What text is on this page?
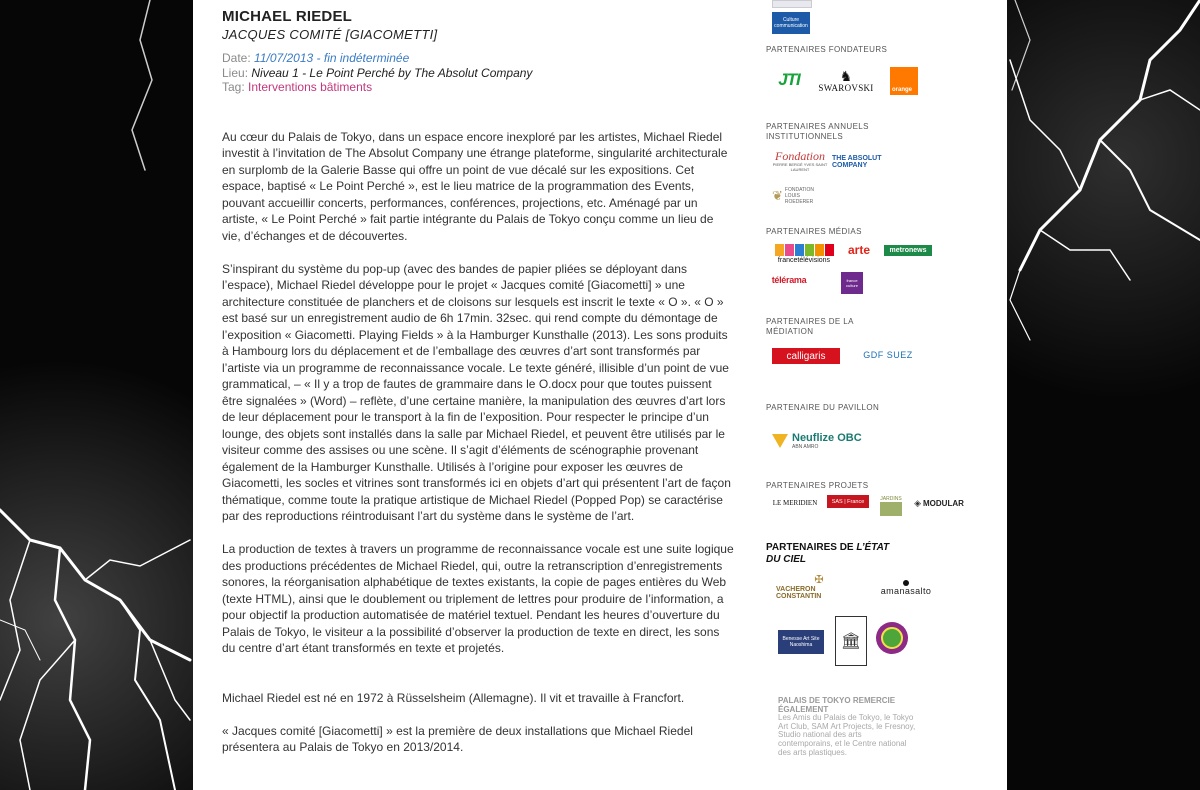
MICHAEL RIEDEL
JACQUES COMITÉ [GIACOMETTI]
Date: 11/07/2013 - fin indéterminée
Lieu: Niveau 1 - Le Point Perché by The Absolut Company
Tag: Interventions bâtiments

Au cœur du Palais de Tokyo, dans un espace encore inexploré par les artistes, Michael Riedel investit à l’invitation de The Absolut Company une étrange plateforme, singularité architecturale en surplomb de la Galerie Basse qui offre un point de vue décalé sur les expositions. Cet espace, baptisé « Le Point Perché », est le lieu matrice de la programmation des Events, pouvant accueillir concerts, performances, conférences, projections, etc. Aménagé par un artiste, « Le Point Perché » fait partie intégrante du Palais de Tokyo conçu comme un lieu de vie, d’échanges et de découvertes.

S’inspirant du système du pop-up (avec des bandes de papier pliées se déployant dans l’espace), Michael Riedel développe pour le projet « Jacques comité [Giacometti] » une architecture constituée de planchers et de cloisons sur lesquels est inscrit le texte « O ». « O » est basé sur un enregistrement audio de 6h 17min. 32sec. qui rend compte du démontage de l’exposition « Giacometti. Playing Fields » à la Hamburger Kunsthalle (2013). Les sons produits à Hambourg lors du déplacement et de l’emballage des œuvres d’art sont transformés par l’artiste via un programme de reconnaissance vocale. Le texte généré, illisible d’un point de vue grammatical, – « Il y a trop de fautes de grammaire dans le O.docx pour que toutes puissent être signalées » (Word) – reflète, d’une certaine manière, la manipulation des œuvres d’art lors de leur déplacement pour le transport à la fin de l’exposition. Pour respecter le principe d’un lounge, des objets sont installés dans la salle par Michael Riedel, et peuvent être utilisés par le visiteur comme des assises ou une scène. Il s’agit d’éléments de scénographie provenant également de la Hamburger Kunsthalle. Utilisés à l’origine pour exposer les œuvres de Giacometti, les socles et vitrines sont transformés ici en objets d’art qui présentent l’art de façon thématique, comme toute la pratique artistique de Michael Riedel (Popped Pop) se caractérise par des reproductions réintroduisant l’art du système dans le système de l’art.

La production de textes à travers un programme de reconnaissance vocale est une suite logique des productions précédentes de Michael Riedel, qui, outre la retranscription d’enregistrements sonores, la réorganisation alphabétique de textes existants, la copie de pages entières du Web (texte HTML), ainsi que le doublement ou triplement de lettres pour produire de l’information, a pour objectif la production automatisée de matériel textuel. Pendant les heures d’ouverture du Palais de Tokyo, le visiteur a la possibilité d’observer la production de texte en direct, les sons du centre d’art étant transformés en texte et projetés.

Michael Riedel est né en 1972 à Rüsselsheim (Allemagne). Il vit et travaille à Francfort.

« Jacques comité [Giacometti] » est la première de deux installations que Michael Riedel présentera au Palais de Tokyo en 2013/2014.

Culture communication
PARTENAIRES FONDATEURS
JTI	♞
SWAROVSKI	orange
PARTENAIRES ANNUELS INSTITUTIONNELS
Fondation
PIERRE BERGÉ YVES SAINT LAURENT
THE ABSOLUT COMPANY
❦ FONDATION LOUIS ROEDERER
PARTENAIRES MÉDIAS
francetélévisions
arte	metronews
télérama	france culture
PARTENAIRES DE LA MÉDIATION
calligaris	GDF SUEZ
PARTENAIRE DU PAVILLON
Neuflize OBC
ABN AMRO
PARTENAIRES PROJETS
LE MERIDIEN	SAS | France	JARDINS ◈ MODULAR
PARTENAIRES DE L’ÉTAT
DU CIEL
✠
VACHERON CONSTANTIN	amanasalto
Benesse Art Site Naoshima	🏛
PALAIS DE TOKYO REMERCIE ÉGALEMENT
Les Amis du Palais de Tokyo, le Tokyo Art Club, SAM Art Projects, le Fresnoy, Studio national des arts contemporains, et le Centre national des arts plastiques.
